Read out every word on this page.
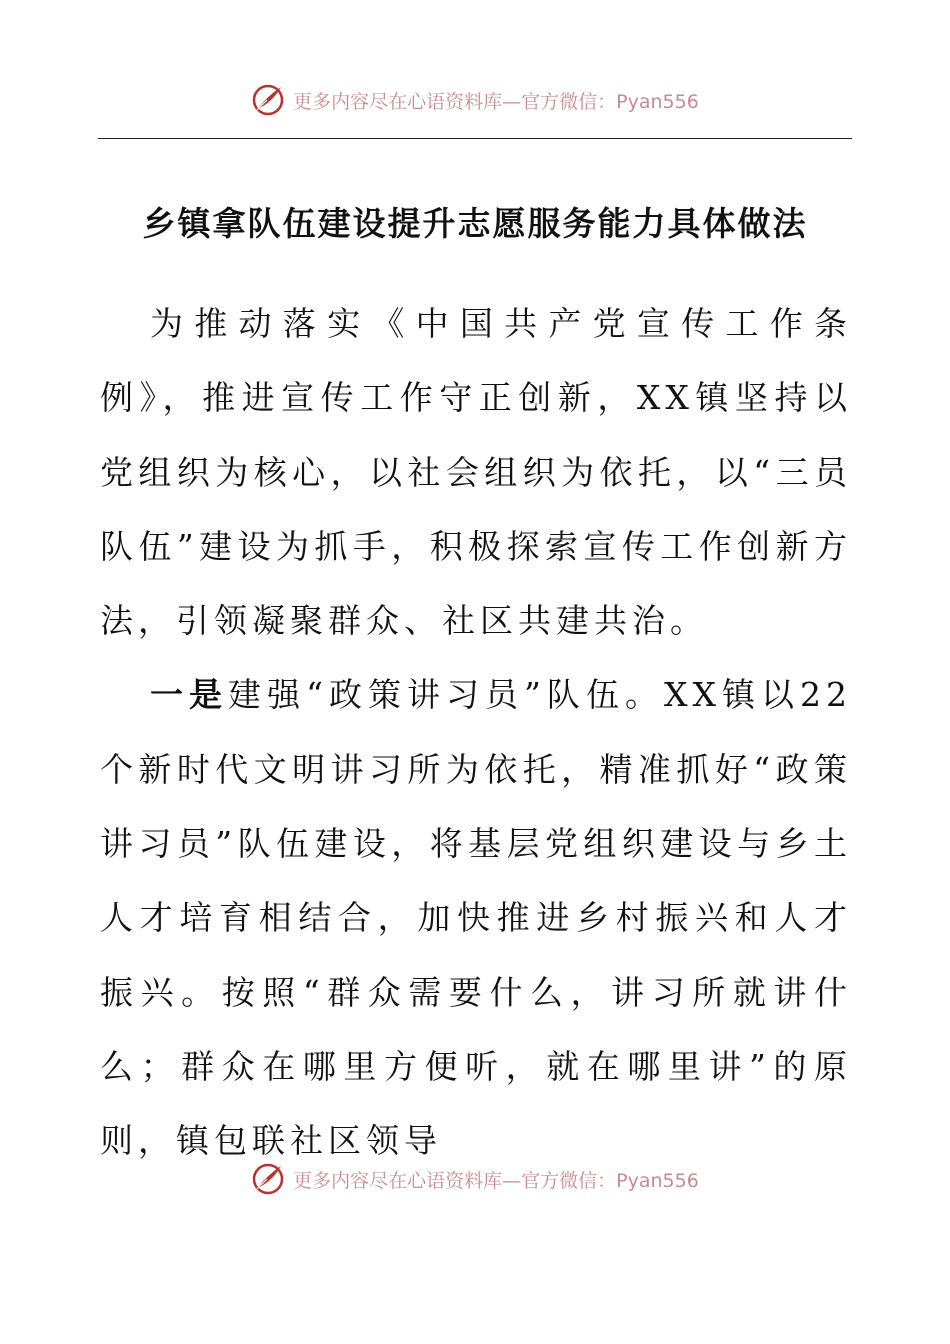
更多内容尽在心语资料库—官方微信：Pyan556
乡镇拿队伍建设提升志愿服务能力具体做法

为推动落实《中国共产党宣传工作条例》，推进宣传工作守正创新，XX镇坚持以党组织为核心，以社会组织为依托，以“三员队伍”建设为抓手，积极探索宣传工作创新方法，引领凝聚群众、社区共建共治。

一是建强“政策讲习员”队伍。XX镇以22个新时代文明讲习所为依托，精准抓好“政策讲习员”队伍建设，将基层党组织建设与乡土人才培育相结合，加快推进乡村振兴和人才振兴。按照“群众需要什么，讲习所就讲什么；群众在哪里方便听，就在哪里讲”的原则，镇包联社区领导

更多内容尽在心语资料库—官方微信：Pyan556
